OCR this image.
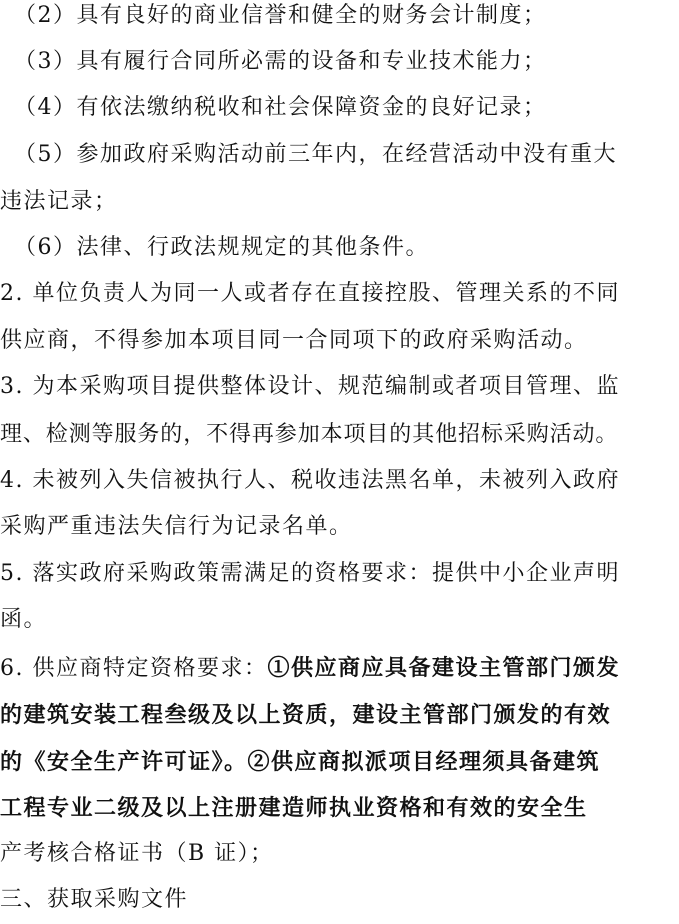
（2）具有良好的商业信誉和健全的财务会计制度；
（3）具有履行合同所必需的设备和专业技术能力；
（4）有依法缴纳税收和社会保障资金的良好记录；
（5）参加政府采购活动前三年内，在经营活动中没有重大
违法记录；
（6）法律、行政法规规定的其他条件。
2. 单位负责人为同一人或者存在直接控股、管理关系的不同
供应商，不得参加本项目同一合同项下的政府采购活动。
3. 为本采购项目提供整体设计、规范编制或者项目管理、监
理、检测等服务的，不得再参加本项目的其他招标采购活动。
4. 未被列入失信被执行人、税收违法黑名单，未被列入政府
采购严重违法失信行为记录名单。
5. 落实政府采购政策需满足的资格要求：提供中小企业声明
函。
6. 供应商特定资格要求：①供应商应具备建设主管部门颁发
的建筑安装工程叁级及以上资质，建设主管部门颁发的有效
的《安全生产许可证》。②供应商拟派项目经理须具备建筑
工程专业二级及以上注册建造师执业资格和有效的安全生
产考核合格证书（B 证）；
三、获取采购文件
